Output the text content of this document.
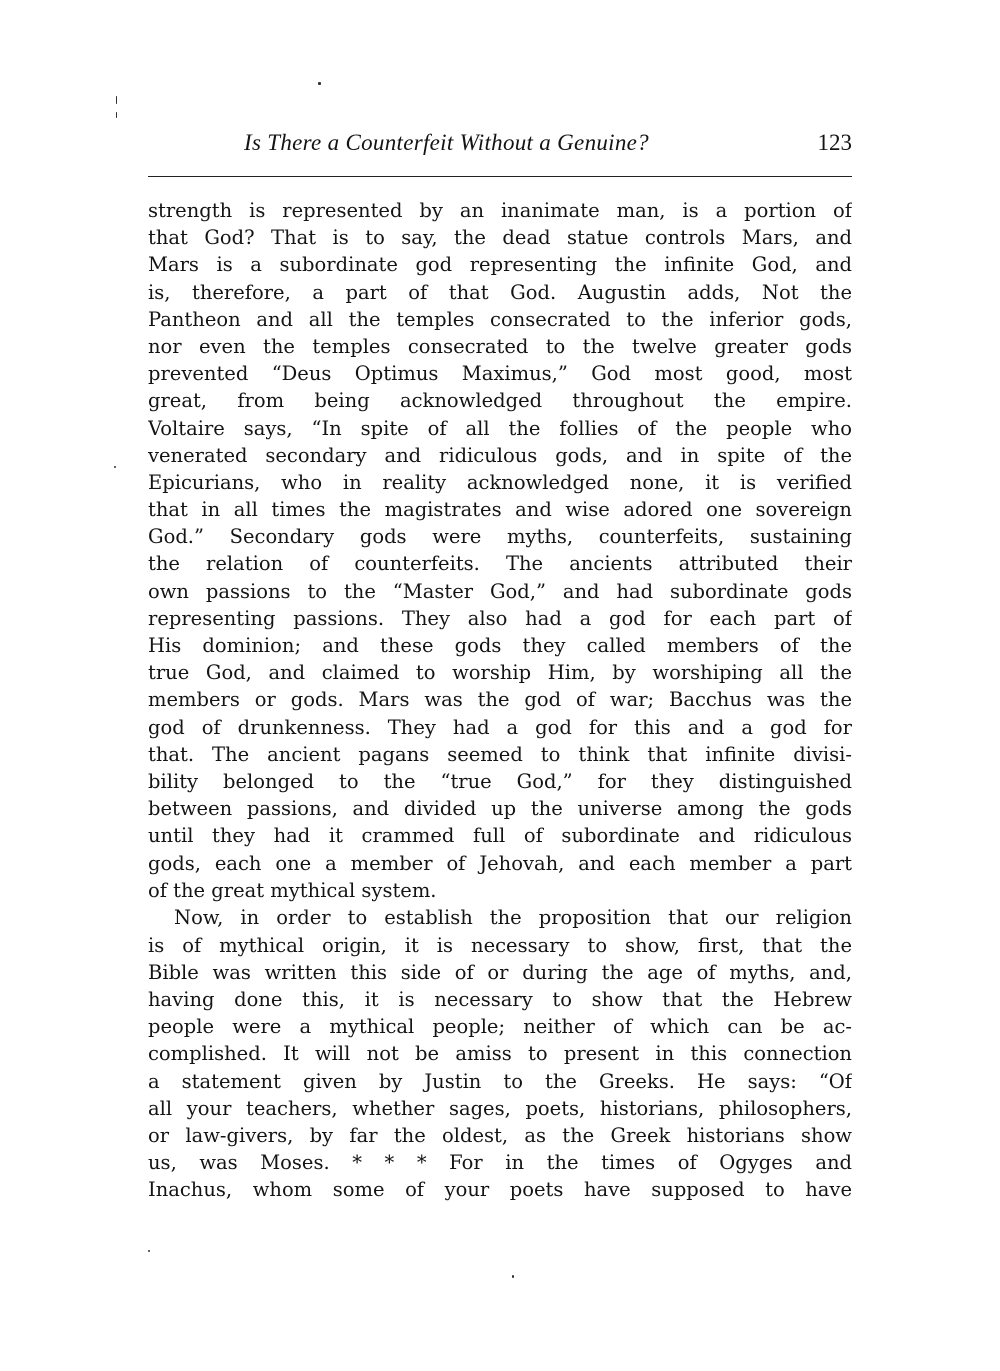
Is There a Counterfeit Without a Genuine?	123
strength is represented by an inanimate man, is a portion of
that God? That is to say, the dead statue controls Mars, and
Mars is a subordinate god representing the infinite God, and
is, therefore, a part of that God. Augustin adds, Not the
Pantheon and all the temples consecrated to the inferior gods,
nor even the temples consecrated to the twelve greater gods
prevented “Deus Optimus Maximus,” God most good, most
great, from being acknowledged throughout the empire.
Voltaire says, “In spite of all the follies of the people who
venerated secondary and ridiculous gods, and in spite of the
Epicurians, who in reality acknowledged none, it is verified
that in all times the magistrates and wise adored one sovereign
God.” Secondary gods were myths, counterfeits, sustaining
the relation of counterfeits. The ancients attributed their
own passions to the “Master God,” and had subordinate gods
representing passions. They also had a god for each part of
His dominion; and these gods they called members of the
true God, and claimed to worship Him, by worshiping all the
members or gods. Mars was the god of war; Bacchus was the
god of drunkenness. They had a god for this and a god for
that. The ancient pagans seemed to think that infinite divisi-
bility belonged to the “true God,” for they distinguished
between passions, and divided up the universe among the gods
until they had it crammed full of subordinate and ridiculous
gods, each one a member of Jehovah, and each member a part
of the great mythical system.
Now, in order to establish the proposition that our religion
is of mythical origin, it is necessary to show, first, that the
Bible was written this side of or during the age of myths, and,
having done this, it is necessary to show that the Hebrew
people were a mythical people; neither of which can be ac-
complished. It will not be amiss to present in this connection
a statement given by Justin to the Greeks. He says: “Of
all your teachers, whether sages, poets, historians, philosophers,
or law-givers, by far the oldest, as the Greek historians show
us, was Moses. * * * For in the times of Ogyges and
Inachus, whom some of your poets have supposed to have
